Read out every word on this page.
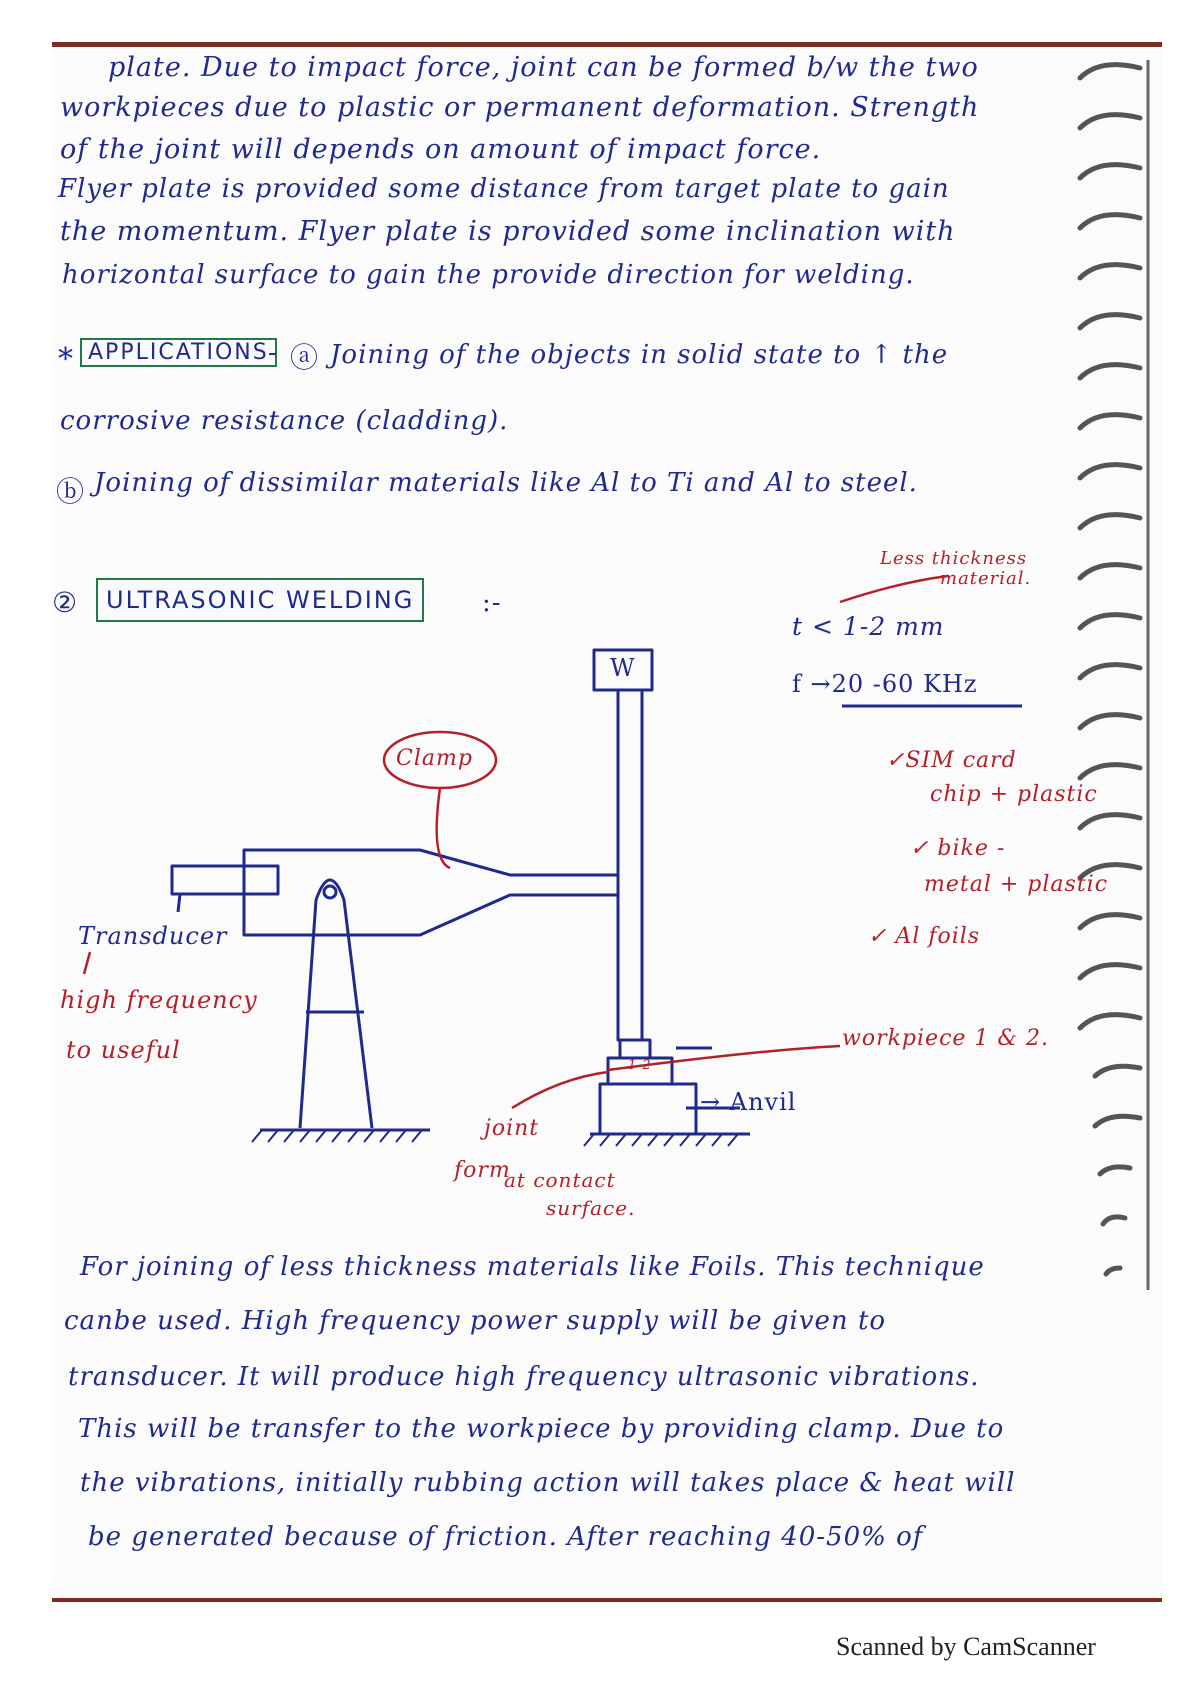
plate. Due to impact force, joint can be formed b/w the two
workpieces due to plastic or permanent deformation. Strength
of the joint will depends on amount of impact force.
Flyer plate is provided some distance from target plate to gain
the momentum. Flyer plate is provided some inclination with
horizontal surface to gain the provide direction for welding.
* APPLICATIONS - ⓐ Joining of the objects in solid state to ↑ the
corrosive resistance (cladding).
ⓑ Joining of dissimilar materials like Al to Ti and Al to steel.
②	ULTRASONIC WELDING	:-
Less thickness
material.
t < 1-2 mm
f →20 -60 KHz
✓SIM card
chip + plastic
✓ bike -
metal + plastic
✓ Al foils
W
Clamp
Transducer
high frequency
to useful	workpiece 1 & 2.
→ Anvil
1 2
joint
form
at contact
surface.
For joining of less thickness materials like Foils. This technique
canbe used. High frequency power supply will be given to
transducer. It will produce high frequency ultrasonic vibrations.
This will be transfer to the workpiece by providing clamp. Due to
the vibrations, initially rubbing action will takes place & heat will
be generated because of friction. After reaching 40-50% of
Scanned by CamScanner
